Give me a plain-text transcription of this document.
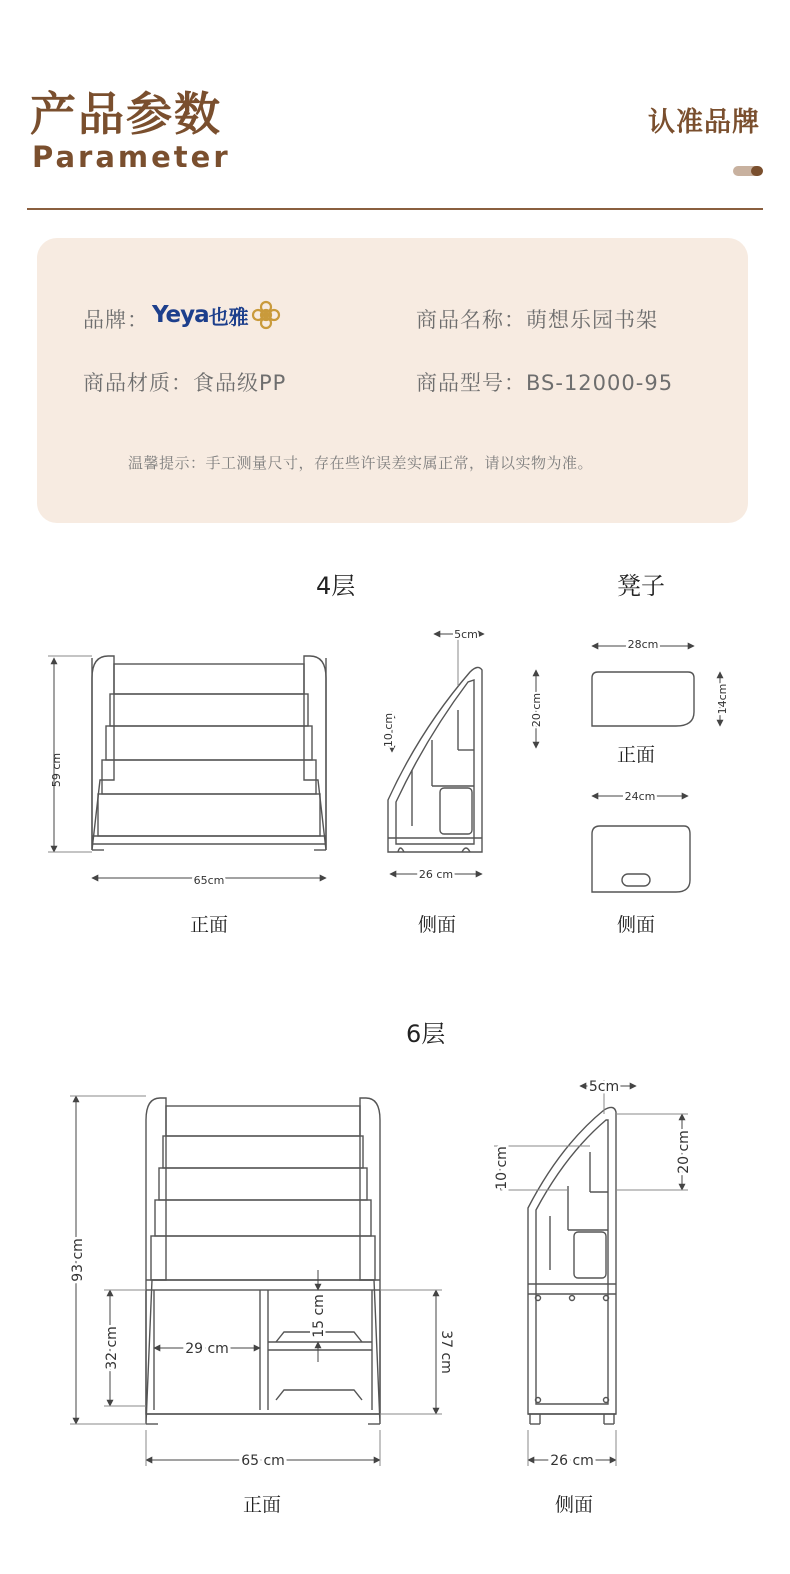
产品参数
Parameter
认准品牌
品牌： Yeya 也雅	商品名称：萌想乐园书架
商品材质：食品级PP	商品型号：BS-12000-95
温馨提示：手工测量尺寸，存在些许误差实属正常，请以实物为准。
4层	凳子
59 cm
65cm
5cm
20 cm
10 cm
26 cm
28cm
14cm
24cm
正面	侧面
正面
侧面
6层
93 cm
32 cm	29 cm
15 cm
37 cm
65 cm
5cm
20 cm
10 cm
26 cm
正面	侧面
